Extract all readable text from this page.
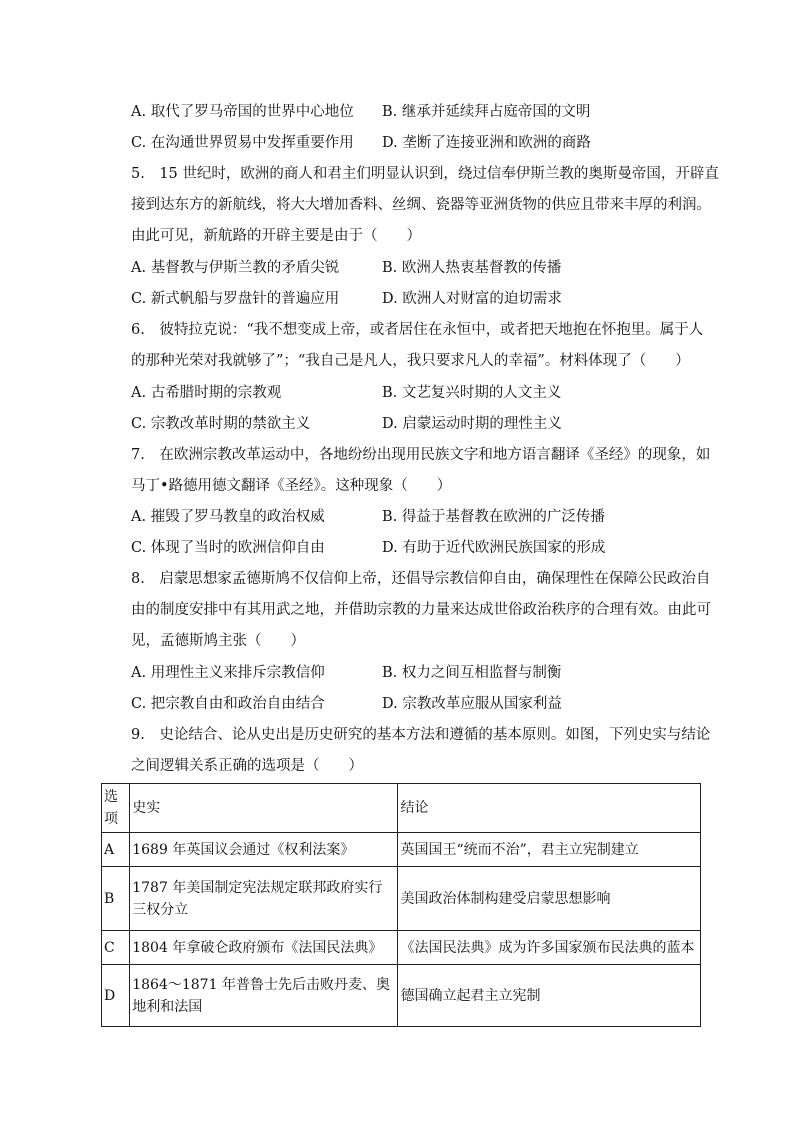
A. 取代了罗马帝国的世界中心地位 B. 继承并延续拜占庭帝国的文明
C. 在沟通世界贸易中发挥重要作用 D. 垄断了连接亚洲和欧洲的商路
5.　15 世纪时，欧洲的商人和君主们明显认识到，绕过信奉伊斯兰教的奥斯曼帝国，开辟直
接到达东方的新航线，将大大增加香料、丝绸、瓷器等亚洲货物的供应且带来丰厚的利润。
由此可见，新航路的开辟主要是由于（　　）
A. 基督教与伊斯兰教的矛盾尖锐	B. 欧洲人热衷基督教的传播
C. 新式帆船与罗盘针的普遍应用	D. 欧洲人对财富的迫切需求
6.　彼特拉克说：“我不想变成上帝，或者居住在永恒中，或者把天地抱在怀抱里。属于人
的那种光荣对我就够了”；“我自己是凡人，我只要求凡人的幸福”。材料体现了（　　）
A. 古希腊时期的宗教观	B. 文艺复兴时期的人文主义
C. 宗教改革时期的禁欲主义	D. 启蒙运动时期的理性主义
7.　在欧洲宗教改革运动中，各地纷纷出现用民族文字和地方语言翻译《圣经》的现象，如
马丁•路德用德文翻译《圣经》。这种现象（　　）
A. 摧毁了罗马教皇的政治权威	B. 得益于基督教在欧洲的广泛传播
C. 体现了当时的欧洲信仰自由	D. 有助于近代欧洲民族国家的形成
8.　启蒙思想家孟德斯鸠不仅信仰上帝，还倡导宗教信仰自由，确保理性在保障公民政治自
由的制度安排中有其用武之地，并借助宗教的力量来达成世俗政治秩序的合理有效。由此可
见，孟德斯鸠主张（　　）
A. 用理性主义来排斥宗教信仰	B. 权力之间互相监督与制衡
C. 把宗教自由和政治自由结合	D. 宗教改革应服从国家利益
9.　史论结合、论从史出是历史研究的基本方法和遵循的基本原则。如图，下列史实与结论
之间逻辑关系正确的选项是（　　）
选项	史实	结论
A	1689 年英国议会通过《权利法案》	英国国王“统而不治”，君主立宪制建立
B	1787 年美国制定宪法规定联邦政府实行三权分立	美国政治体制构建受启蒙思想影响
C	1804 年拿破仑政府颁布《法国民法典》	《法国民法典》成为许多国家颁布民法典的蓝本
D	1864～1871 年普鲁士先后击败丹麦、奥地利和法国	德国确立起君主立宪制
